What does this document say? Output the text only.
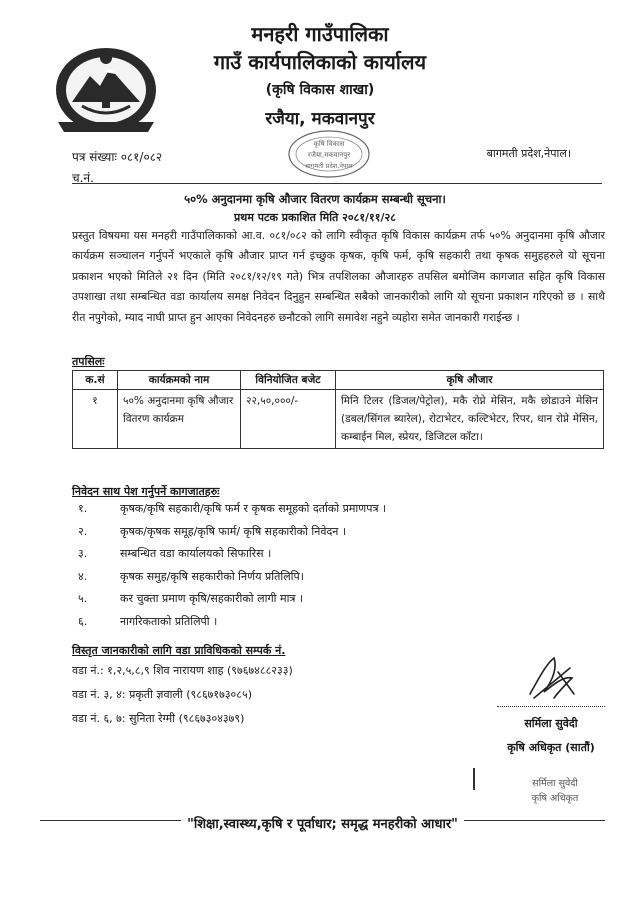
मनहरी गाउँपालिका
गाउँ कार्यपालिकाको कार्यालय
(कृषि विकास शाखा)
रजैया, मकवानपुर
कृषि विकास
रजैया,मकवानपुर
बागमती प्रदेश,नेपाल
पत्र संख्याः ०८१/०८२
च.नं.
बागमती प्रदेश,नेपाल।
५०% अनुदानमा कृषि औजार वितरण कार्यक्रम सम्बन्धी सूचना।
प्रथम पटक प्रकाशित मिति २०८१/११/२८
प्रस्तुत विषयमा यस मनहरी गाउँपालिकाको आ.व. ०८१/०८२ को लागि स्वीकृत कृषि विकास कार्यक्रम तर्फ ५०% अनुदानमा कृषि औजार कार्यक्रम सञ्चालन गर्नुपर्ने भएकाले कृषि औजार प्राप्त गर्न इच्छुक कृषक, कृषि फर्म, कृषि सहकारी तथा कृषक समुहहरुले यो सूचना प्रकाशन भएको मितिले २१ दिन (मिति २०८१/१२/१९ गते) भित्र तपशिलका औजारहरु तपसिल बमोजिम कागजात सहित कृषि विकास उपशाखा तथा सम्बन्धित वडा कार्यालय समक्ष निवेदन दिनुहुन सम्बन्धित सबैको जानकारीको लागि यो सूचना प्रकाशन गरिएको छ । साथै रीत नपुगेको, म्याद नाघी प्राप्त हुन आएका निवेदनहरु छनौटको लागि समावेश नहुने व्यहोरा समेत जानकारी गराईन्छ ।
तपसिलः
क.सं	कार्यक्रमको नाम	विनियोजित बजेट	कृषि औजार
१	५०% अनुदानमा कृषि औजार वितरण कार्यक्रम	२२,५०,०००/-	मिनि टिलर (डिजल/पेट्रोल), मकै रोप्ने मेसिन, मकै छोडाउने मेसिन (डबल/सिंगल ब्यारेल), रोटाभेटर, कल्टिभेटर, रिपर, धान रोप्ने मेसिन, कम्बाईन मिल, स्प्रेयर, डिजिटल काँटा।
निवेदन साथ पेश गर्नुपर्ने कागजातहरुः
१.	कृषक/कृषि सहकारी/कृषि फर्म र कृषक समूहको दर्ताको प्रमाणपत्र ।
२.	कृषक/कृषक समूह/कृषि फार्म/ कृषि सहकारीको निवेदन ।
३.	सम्बन्धित वडा कार्यालयको सिफारिस ।
४.	कृषक समुह/कृषि सहकारीको निर्णय प्रतिलिपि।
५.	कर चुक्ता प्रमाण कृषि/सहकारीको लागी मात्र ।
६.	नागरिकताको प्रतिलिपी ।
विस्तृत जानकारीको लागि वडा प्राविधिकको सम्पर्क नं.
वडा नं.: १,२,५,८,९ शिव नारायण शाह (९७६७४८८२३३)
वडा नं. ३, ४: प्रकृती ज्ञवाली (९८६७१७३०८५)
वडा नं. ६, ७: सुनिता रेग्मी (९८६७३०४३७९)	सर्मिला सुवेदी
कृषि अधिकृत (सातौं)
सर्मिला सुवेदी
कृषि अधिकृत
"शिक्षा,स्वास्थ्य,कृषि र पूर्वाधार; समृद्ध मनहरीको आधार"
